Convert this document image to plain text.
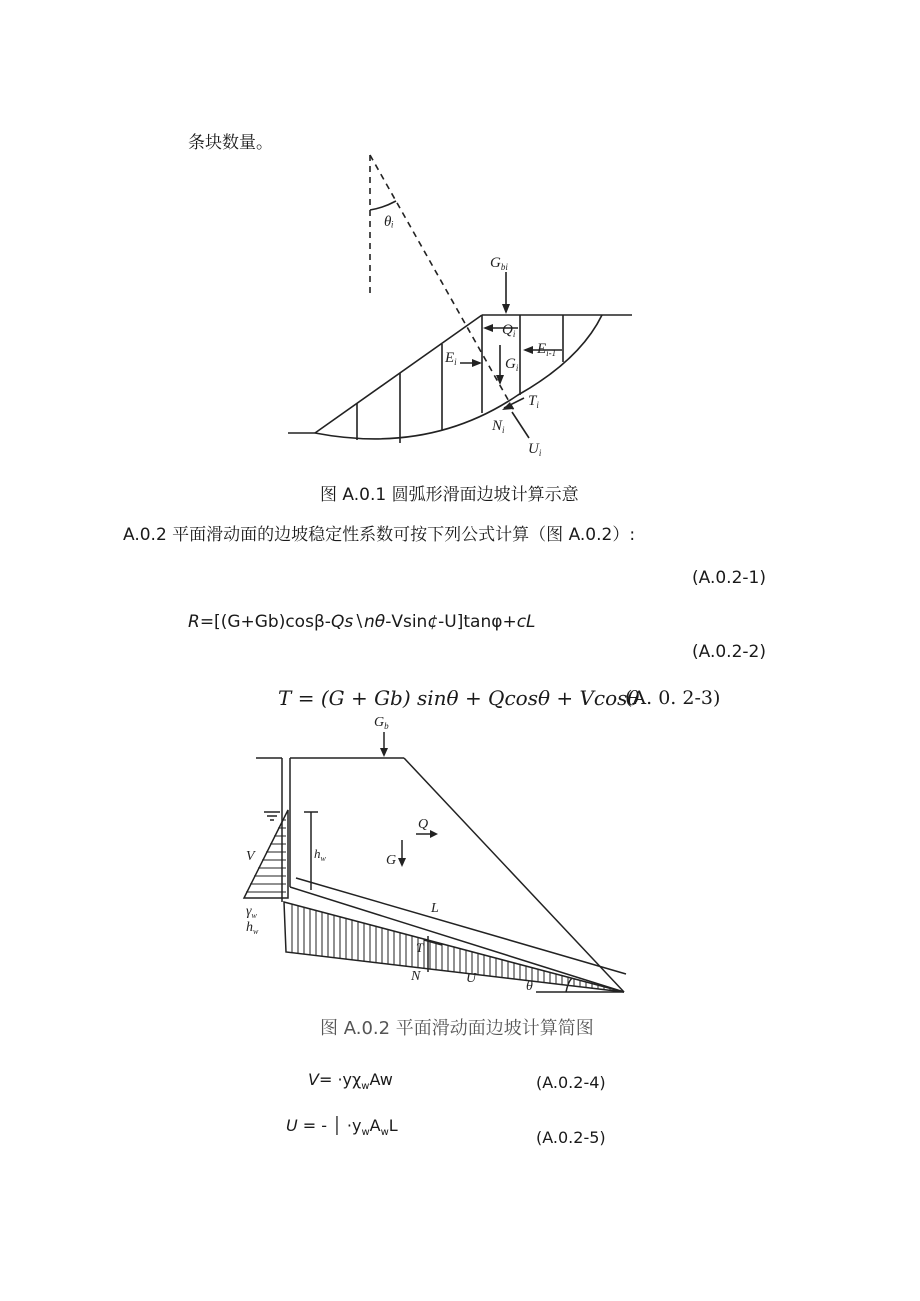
条块数量。
θᵢ
$G_{bi}$
$Q_i$
$G_i$
$E_i$
$E_{i-1}$
$T_i$
$N_i$
$U_i$
图 A.0.1 圆弧形滑面边坡计算示意
A.0.2 平面滑动面的边坡稳定性系数可按下列公式计算（图 A.0.2）:
(A.0.2-1)
R=[(G+Gb)cosβ-Qs∖nθ-Vsin¢-U]tanφ+cL
(A.0.2-2)
T = (G + Gb) sinθ + Qcosθ + Vcosθ
(A. 0. 2-3)
$G_b$
Q
G
V	$h_w$
$\gamma_w$
$h_w$
L
T
N	U
θ
图 A.0.2 平面滑动面边坡计算简图
$V= \cdot y\chi_wAw$	(A.0.2-4)
U = - │ $\cdot y_wA_wL$
(A.0.2-5)
